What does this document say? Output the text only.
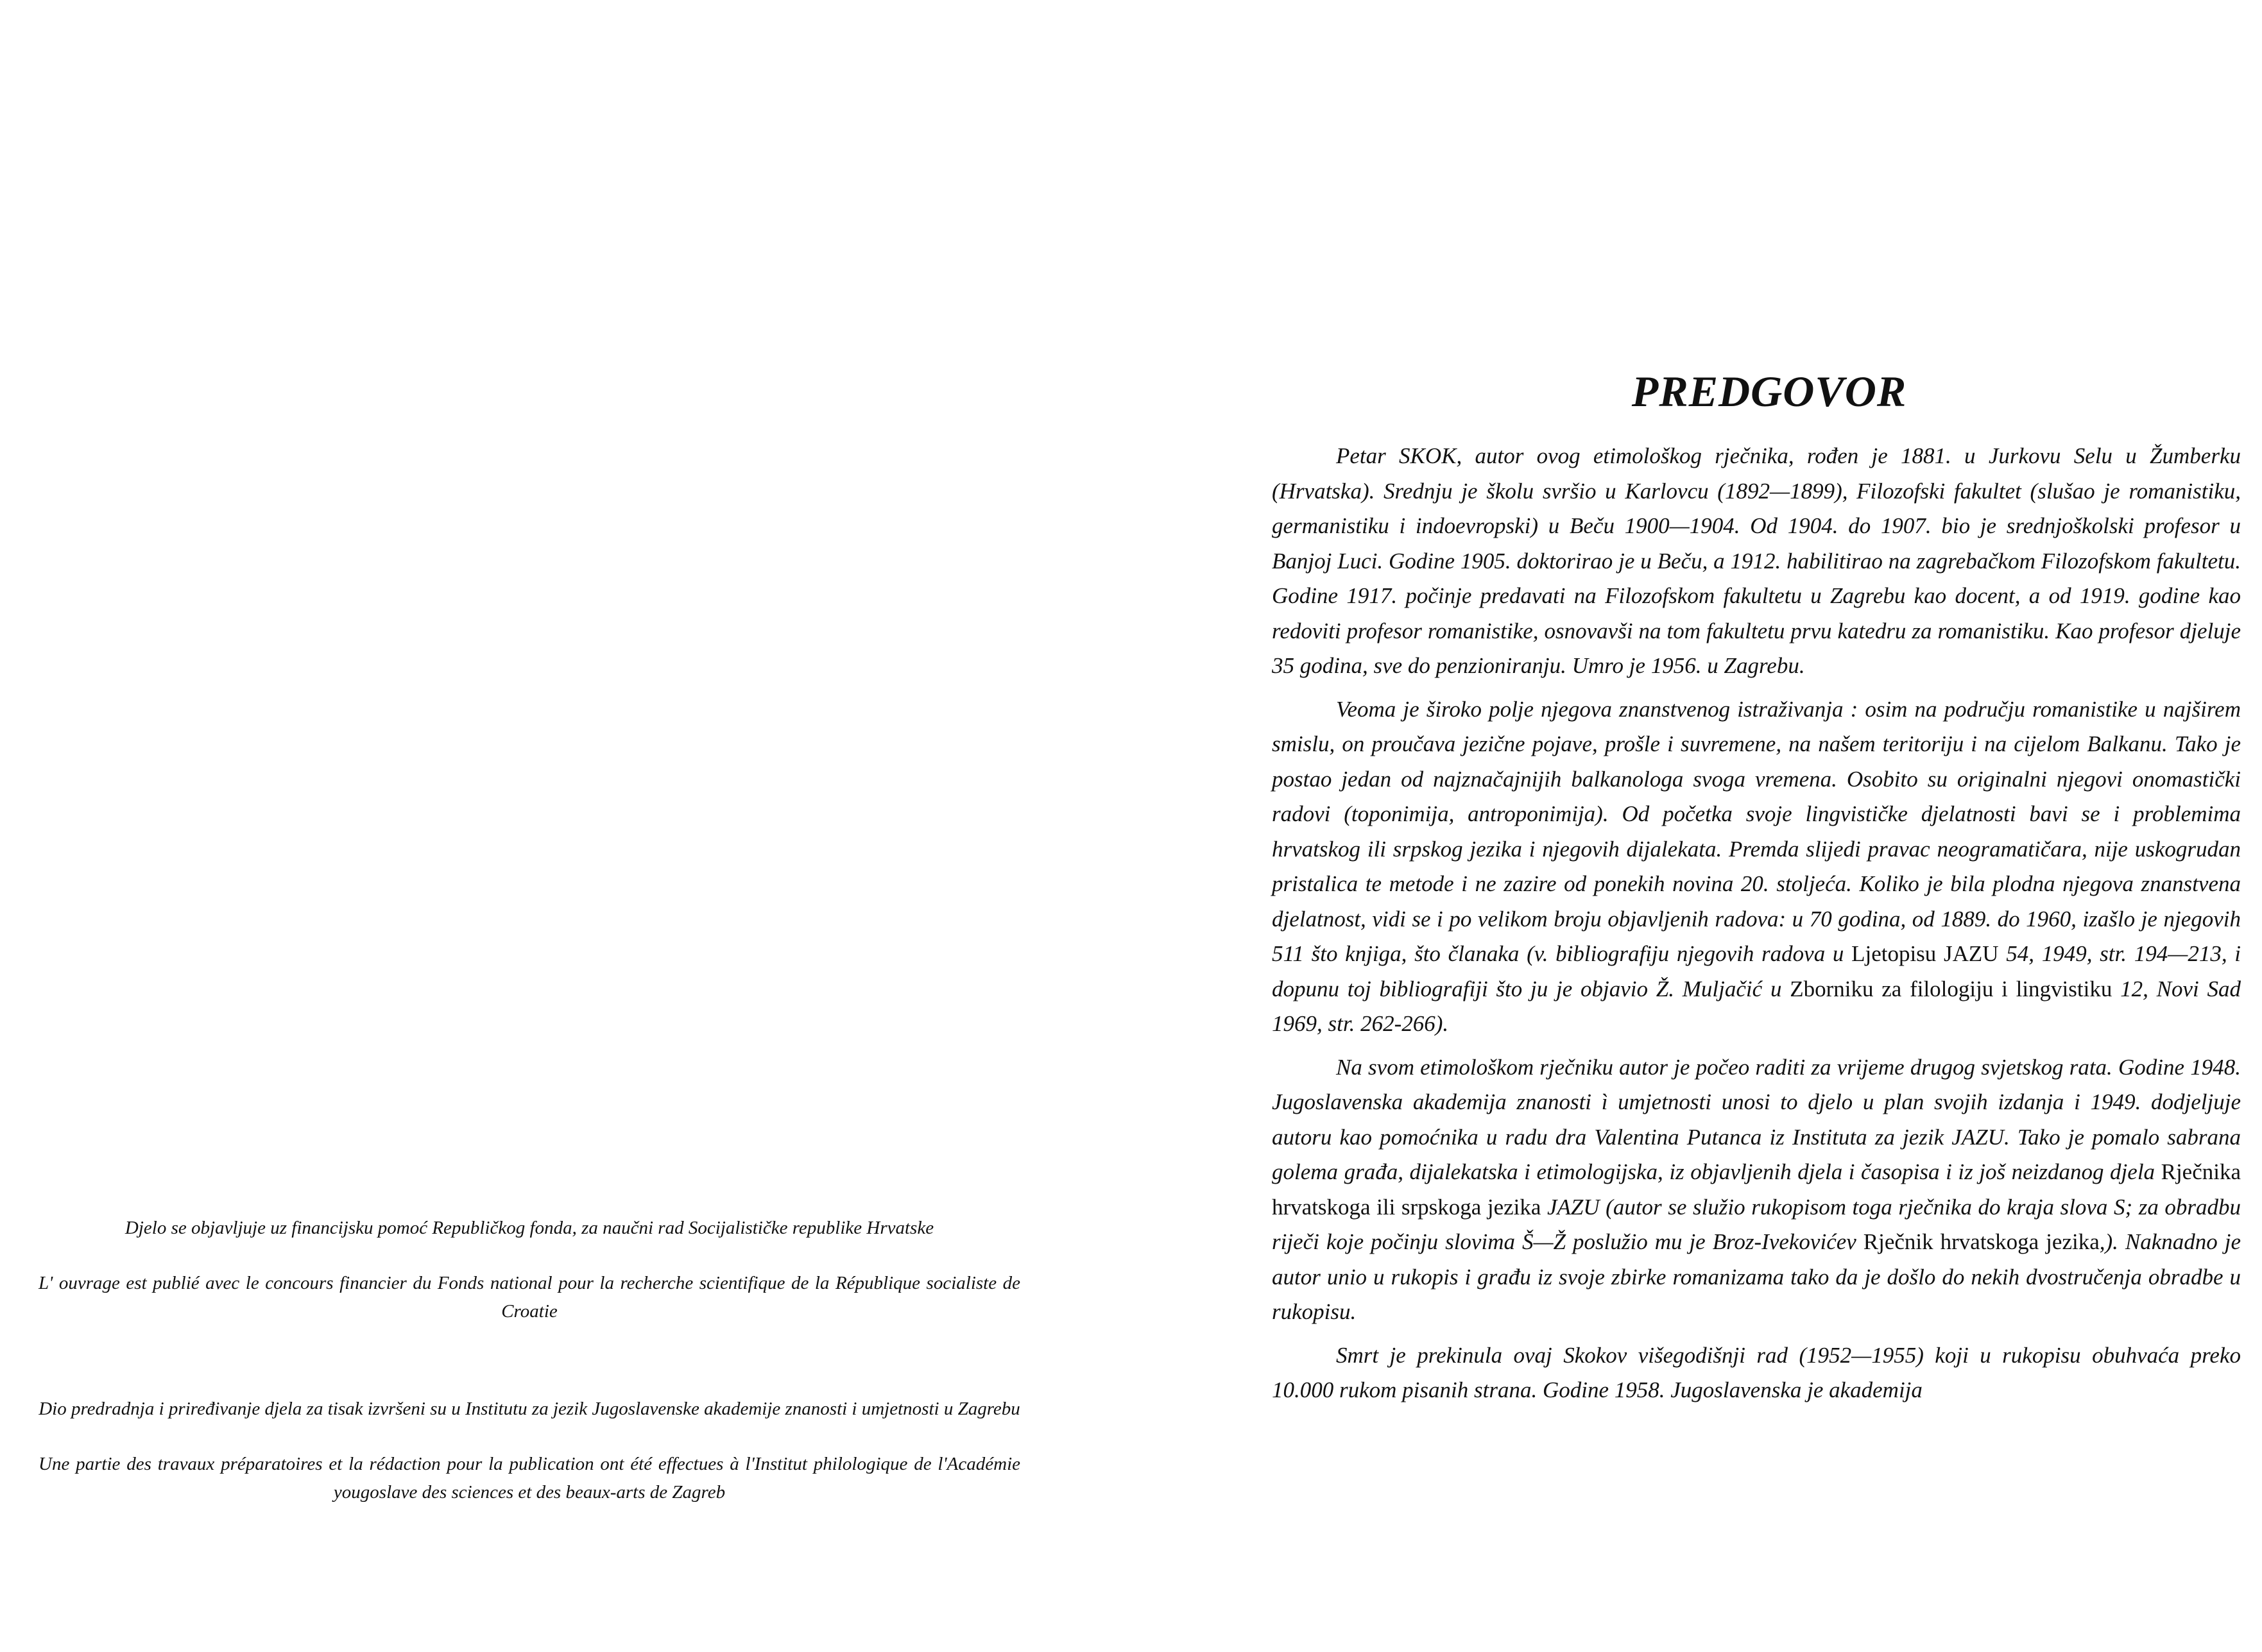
Djelo se objavljuje uz financijsku pomoć Republičkog fonda, za naučni rad Socijalističke republike Hrvatske

L' ouvrage est publié avec le concours financier du Fonds national pour la recherche scientifique de la République socialiste de Croatie

Dio predradnja i priređivanje djela za tisak izvršeni su u Institutu za jezik Jugoslavenske akademije znanosti i umjetnosti u Zagrebu

Une partie des travaux préparatoires et la rédaction pour la publication ont été effectues à l'Institut philologique de l'Académie yougoslave des sciences et des beaux-arts de Zagreb

PREDGOVOR

Petar SKOK, autor ovog etimološkog rječnika, rođen je 1881. u Jurkovu Selu u Žumberku (Hrvatska). Srednju je školu svršio u Karlovcu (1892—1899), Filozofski fakultet (slušao je romanistiku, germanistiku i indoevropski) u Beču 1900—1904. Od 1904. do 1907. bio je srednjoškolski profesor u Banjoj Luci. Godine 1905. doktorirao je u Beču, a 1912. habilitirao na zagrebačkom Filozofskom fakultetu. Godine 1917. počinje predavati na Filozofskom fakultetu u Zagrebu kao docent, a od 1919. godine kao redoviti profesor romanistike, osnovavši na tom fakultetu prvu katedru za romanistiku. Kao profesor djeluje 35 godina, sve do penzioniranju. Umro je 1956. u Zagrebu.

Veoma je široko polje njegova znanstvenog istraživanja : osim na području romanistike u najširem smislu, on proučava jezične pojave, prošle i suvremene, na našem teritoriju i na cijelom Balkanu. Tako je postao jedan od najznačajnijih balkanologa svoga vremena. Osobito su originalni njegovi onomastički radovi (toponimija, antroponimija). Od početka svoje lingvističke djelatnosti bavi se i problemima hrvatskog ili srpskog jezika i njegovih dijalekata. Premda slijedi pravac neogramatičara, nije uskogrudan pristalica te metode i ne zazire od ponekih novina 20. stoljeća. Koliko je bila plodna njegova znanstvena djelatnost, vidi se i po velikom broju objavljenih radova: u 70 godina, od 1889. do 1960, izašlo je njegovih 511 što knjiga, što članaka (v. bibliografiju njegovih radova u Ljetopisu JAZU 54, 1949, str. 194—213, i dopunu toj bibliografiji što ju je objavio Ž. Muljačić u Zborniku za filologiju i lingvistiku 12, Novi Sad 1969, str. 262-266).

Na svom etimološkom rječniku autor je počeo raditi za vrijeme drugog svjetskog rata. Godine 1948. Jugoslavenska akademija znanosti ì umjetnosti unosi to djelo u plan svojih izdanja i 1949. dodjeljuje autoru kao pomoćnika u radu dra Valentina Putanca iz Instituta za jezik JAZU. Tako je pomalo sabrana golema građa, dijalekatska i etimologijska, iz objavljenih djela i časopisa i iz još neizdanog djela Rječnika hrvatskoga ili srpskoga jezika JAZU (autor se služio rukopisom toga rječnika do kraja slova S; za obradbu riječi koje počinju slovima Š—Ž poslužio mu je Broz-Ivekovićev Rječnik hrvatskoga jezika,). Naknadno je autor unio u rukopis i građu iz svoje zbirke romanizama tako da je došlo do nekih dvostručenja obradbe u rukopisu.

Smrt je prekinula ovaj Skokov višegodišnji rad (1952—1955) koji u rukopisu obuhvaća preko 10.000 rukom pisanih strana. Godine 1958. Jugoslavenska je akademija
